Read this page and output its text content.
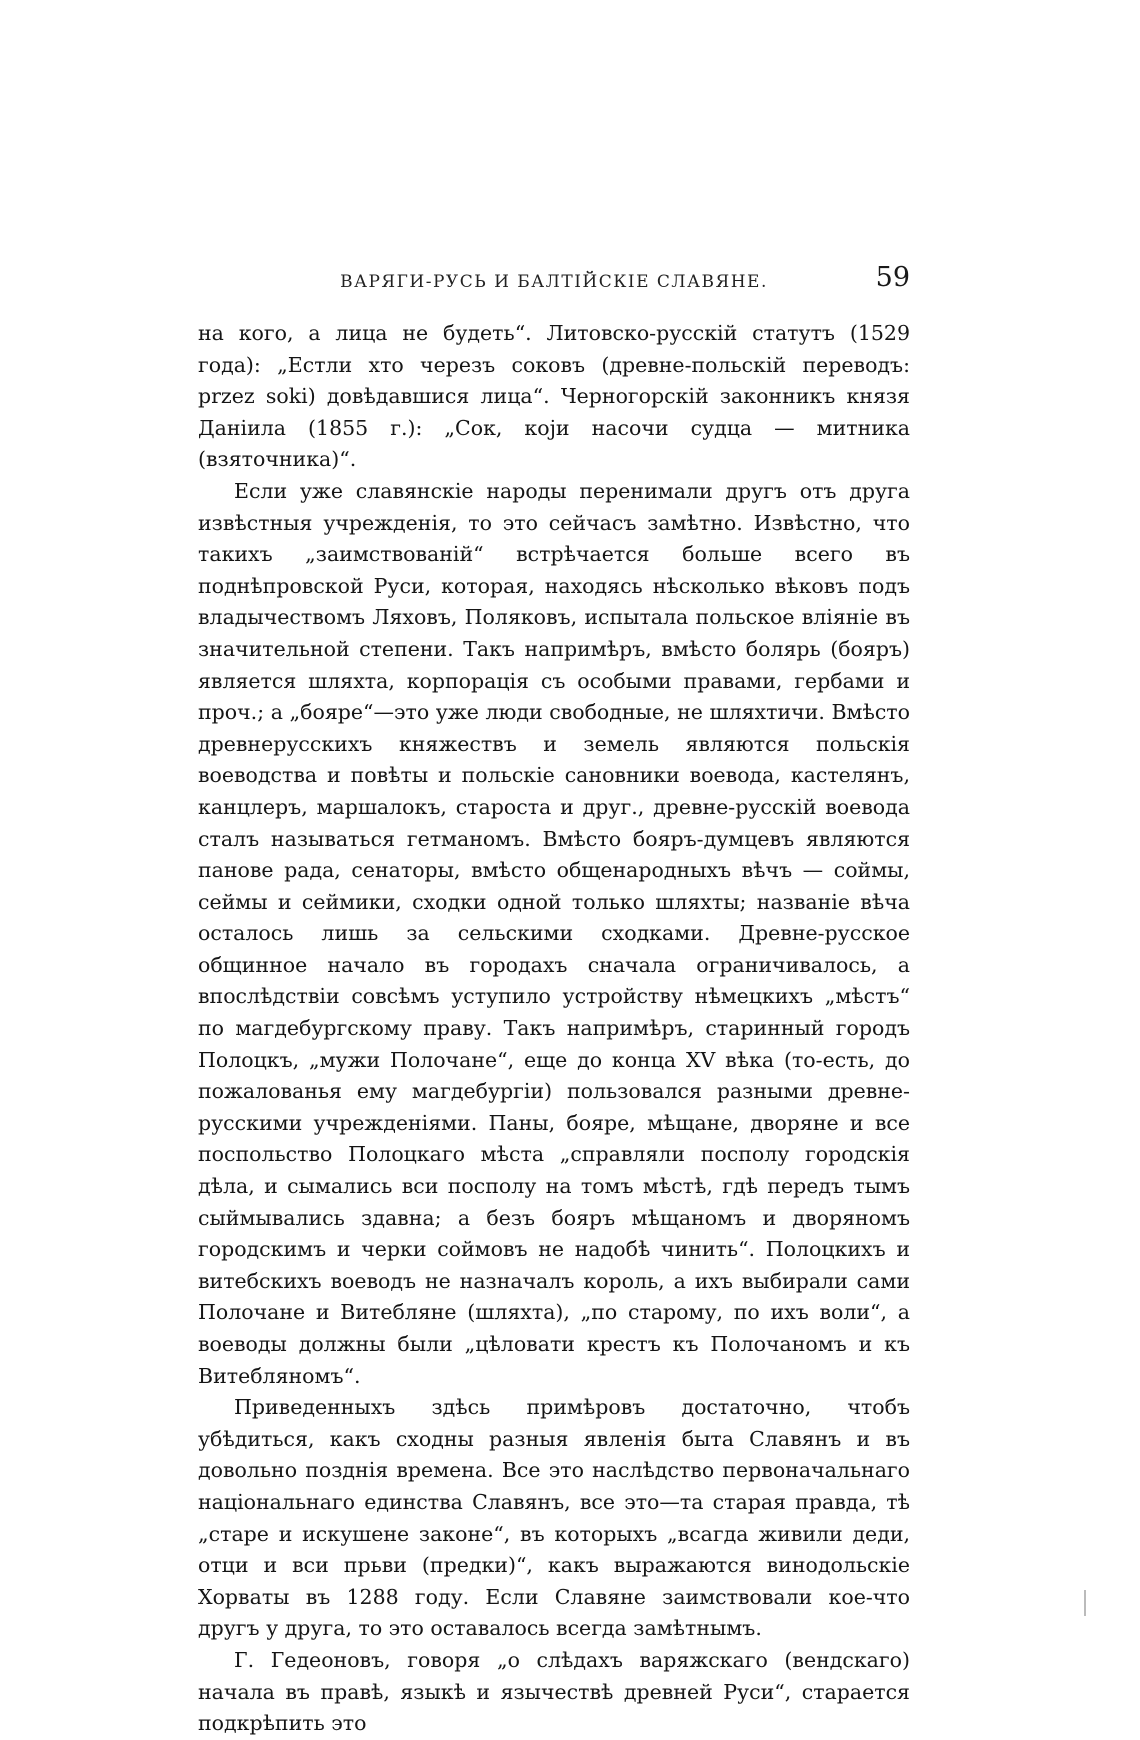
ВАРЯГИ-РУСЬ И БАЛТІЙСКІЕ СЛАВЯНЕ.	59

на кого, а лица не будеть“. Литовско-русскій статутъ (1529 года): „Естли хто черезъ соковъ (древне-польскій переводъ: przez soki) довѣдавшися лица“. Черногорскій законникъ князя Даніила (1855 г.): „Сок, који насочи судца — митника (взяточника)“.

Если уже славянскіе народы перенимали другъ отъ друга извѣстныя учрежденія, то это сейчасъ замѣтно. Извѣстно, что такихъ „заимствованій“ встрѣчается больше всего въ поднѣпровской Руси, которая, находясь нѣсколько вѣковъ подъ владычествомъ Ляховъ, Поляковъ, испытала польское вліяніе въ значительной степени. Такъ напримѣръ, вмѣсто болярь (бояръ) является шляхта, корпорація съ особыми правами, гербами и проч.; а „бояре“—это уже люди свободные, не шляхтичи. Вмѣсто древнерусскихъ княжествъ и земель являются польскія воеводства и повѣты и польскіе сановники воевода, кастелянъ, канцлеръ, маршалокъ, староста и друг., древне-русскій воевода сталъ называться гетманомъ. Вмѣсто бояръ-думцевъ являются панове рада, сенаторы, вмѣсто общенародныхъ вѣчъ — соймы, сеймы и сеймики, сходки одной только шляхты; названіе вѣча осталось лишь за сельскими сходками. Древне-русское общинное начало въ городахъ сначала ограничивалось, а впослѣдствіи совсѣмъ уступило устройству нѣмецкихъ „мѣстъ“ по магдебургскому праву. Такъ напримѣръ, старинный городъ Полоцкъ, „мужи Полочане“, еще до конца XV вѣка (то-есть, до пожалованья ему магдебургіи) пользовался разными древне-русскими учрежденіями. Паны, бояре, мѣщане, дворяне и все поспольство Полоцкаго мѣста „справляли посполу городскія дѣла, и сымались вси посполу на томъ мѣстѣ, гдѣ передъ тымъ сыймывались здавна; а безъ бояръ мѣщаномъ и дворяномъ городскимъ и черки соймовъ не надобѣ чинить“. Полоцкихъ и витебскихъ воеводъ не назначалъ король, а ихъ выбирали сами Полочане и Витебляне (шляхта), „по старому, по ихъ воли“, а воеводы должны были „цѣловати крестъ къ Полочаномъ и къ Витебляномъ“.

Приведенныхъ здѣсь примѣровъ достаточно, чтобъ убѣдиться, какъ сходны разныя явленія быта Славянъ и въ довольно позднія времена. Все это наслѣдство первоначальнаго національнаго единства Славянъ, все это—та старая правда, тѣ „старе и искушене законе“, въ которыхъ „всагда живили деди, отци и вси прьви (предки)“, какъ выражаются винодольскіе Хорваты въ 1288 году. Если Славяне заимствовали кое-что другъ у друга, то это оставалось всегда замѣтнымъ.

Г. Гедеоновъ, говоря „о слѣдахъ варяжскаго (вендскаго) начала въ правѣ, языкѣ и язычествѣ древней Руси“, старается подкрѣпить это
